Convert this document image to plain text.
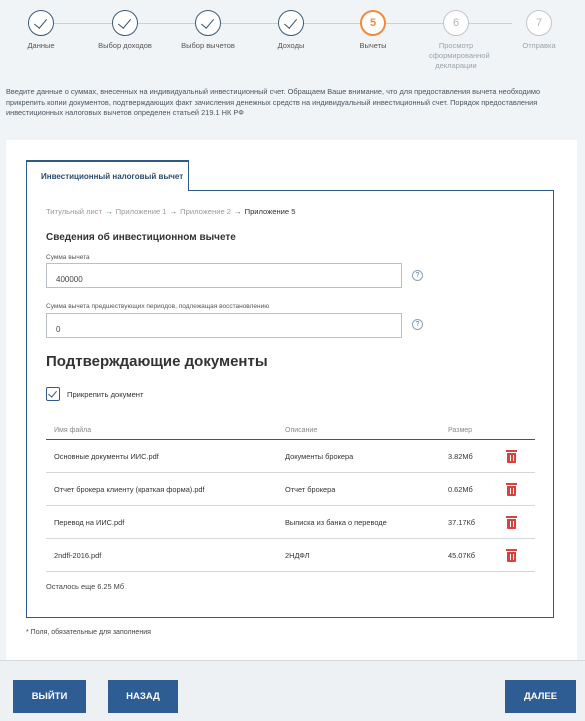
Данные	Выбор доходов	Выбор вычетов	Доходы
5
Вычеты
6
Просмотр сформированной декларации
7
Отправка
Введите данные о суммах, внесенных на индивидуальный инвестиционный счет. Обращаем Ваше внимание, что для предоставления вычета необходимо прикрепить копии документов, подтверждающих факт зачисления денежных средств на индивидуальный инвестиционный счет. Порядок предоставления инвестиционных налоговых вычетов определен статьей 219.1 НК РФ
Инвестиционный налоговый вычет
Титульный лист → Приложение 1 → Приложение 2 → Приложение 5
Сведения об инвестиционном вычете
Сумма вычета
400000
?
Сумма вычета предшествующих периодов, подлежащая восстановлению
0
?
Подтверждающие документы
Прикрепить документ
Имя файла	Описание	Размер
Основные документы ИИС.pdf	Документы брокера	3.82Мб
Отчет брокера клиенту (краткая форма).pdf	Отчет брокера	0.62Мб
Перевод на ИИС.pdf	Выписка из банка о переводе	37.17Кб
2ndfl-2016.pdf	2НДФЛ	45.07Кб
Осталось еще 6.25 Мб
* Поля, обязательные для заполнения
ВЫЙТИ	НАЗАД	ДАЛЕЕ
